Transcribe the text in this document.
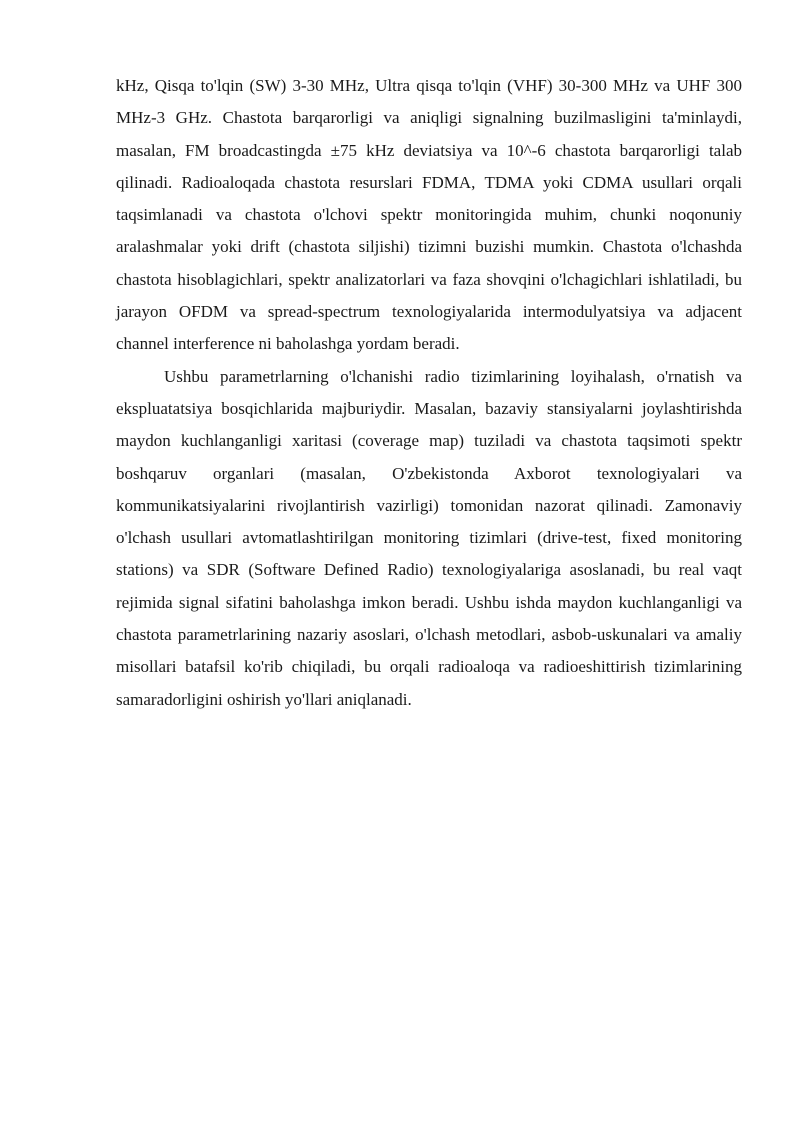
kHz, Qisqa to'lqin (SW) 3-30 MHz, Ultra qisqa to'lqin (VHF) 30-300 MHz va UHF 300 MHz-3 GHz. Chastota barqarorligi va aniqligi signalning buzilmasligini ta'minlaydi, masalan, FM broadcastingda ±75 kHz deviatsiya va 10^-6 chastota barqarorligi talab qilinadi. Radioaloqada chastota resurslari FDMA, TDMA yoki CDMA usullari orqali taqsimlanadi va chastota o'lchovi spektr monitoringida muhim, chunki noqonuniy aralashmalar yoki drift (chastota siljishi) tizimni buzishi mumkin. Chastota o'lchashda chastota hisoblagichlari, spektr analizatorlari va faza shovqini o'lchagichlari ishlatiladi, bu jarayon OFDM va spread-spectrum texnologiyalarida intermodulyatsiya va adjacent channel interference ni baholashga yordam beradi.

Ushbu parametrlarning o'lchanishi radio tizimlarining loyihalash, o'rnatish va ekspluatatsiya bosqichlarida majburiydir. Masalan, bazaviy stansiyalarni joylashtirishda maydon kuchlanganligi xaritasi (coverage map) tuziladi va chastota taqsimoti spektr boshqaruv organlari (masalan, O'zbekistonda Axborot texnologiyalari va kommunikatsiyalarini rivojlantirish vazirligi) tomonidan nazorat qilinadi. Zamonaviy o'lchash usullari avtomatlashtirilgan monitoring tizimlari (drive-test, fixed monitoring stations) va SDR (Software Defined Radio) texnologiyalariga asoslanadi, bu real vaqt rejimida signal sifatini baholashga imkon beradi. Ushbu ishda maydon kuchlanganligi va chastota parametrlarining nazariy asoslari, o'lchash metodlari, asbob-uskunalari va amaliy misollari batafsil ko'rib chiqiladi, bu orqali radioaloqa va radioeshittirish tizimlarining samaradorligini oshirish yo'llari aniqlanadi.
